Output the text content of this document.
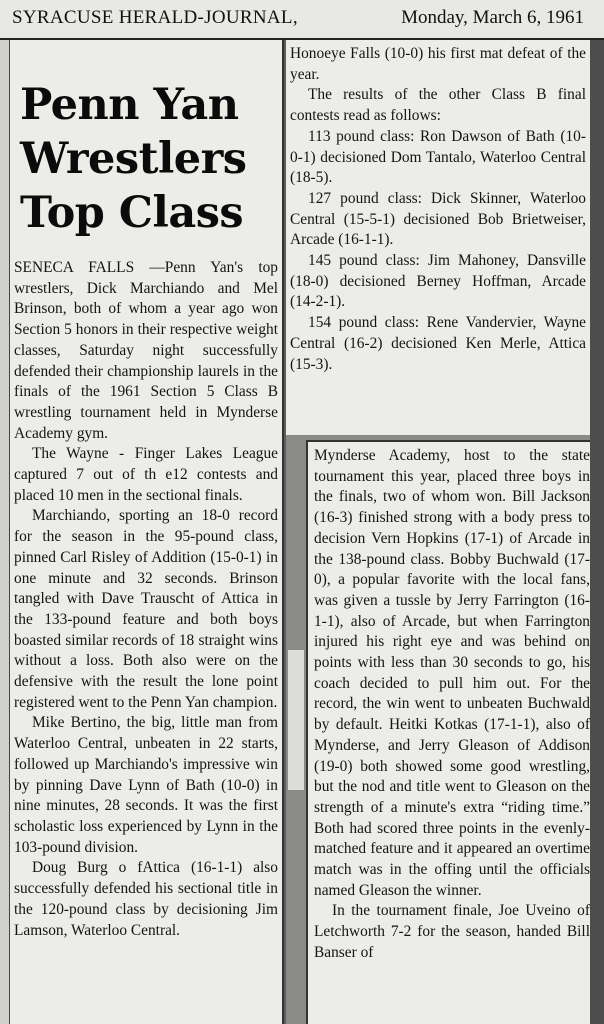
SYRACUSE HERALD-JOURNAL,	Monday, March 6, 1961
Penn Yan
Wrestlers
Top Class

SENECA FALLS —Penn Yan's top wrestlers, Dick Marchiando and Mel Brinson, both of whom a year ago won Section 5 honors in their respective weight classes, Saturday night successfully defended their championship laurels in the finals of the 1961 Section 5 Class B wrestling tournament held in Mynderse Academy gym.

The Wayne - Finger Lakes League captured 7 out of th e12 contests and placed 10 men in the sectional finals.

Marchiando, sporting an 18-0 record for the season in the 95-pound class, pinned Carl Risley of Addition (15-0-1) in one minute and 32 seconds. Brinson tangled with Dave Trauscht of Attica in the 133-pound feature and both boys boasted similar records of 18 straight wins without a loss. Both also were on the defensive with the result the lone point registered went to the Penn Yan champion.

Mike Bertino, the big, little man from Waterloo Central, unbeaten in 22 starts, followed up Marchiando's impressive win by pinning Dave Lynn of Bath (10-0) in nine minutes, 28 seconds. It was the first scholastic loss experienced by Lynn in the 103-pound division.

Doug Burg o fAttica (16-1-1) also successfully defended his sectional title in the 120-pound class by decisioning Jim Lamson, Waterloo Central.

Honoeye Falls (10-0) his first mat defeat of the year.

The results of the other Class B final contests read as follows:

113 pound class: Ron Dawson of Bath (10-0-1) decisioned Dom Tantalo, Waterloo Central (18-5).

127 pound class: Dick Skinner, Waterloo Central (15-5-1) decisioned Bob Brietweiser, Arcade (16-1-1).

145 pound class: Jim Mahoney, Dansville (18-0) decisioned Berney Hoffman, Arcade (14-2-1).

154 pound class: Rene Vandervier, Wayne Central (16-2) decisioned Ken Merle, Attica (15-3).

Mynderse Academy, host to the state tournament this year, placed three boys in the finals, two of whom won. Bill Jackson (16-3) finished strong with a body press to decision Vern Hopkins (17-1) of Arcade in the 138-pound class. Bobby Buchwald (17-0), a popular favorite with the local fans, was given a tussle by Jerry Farrington (16-1-1), also of Arcade, but when Farrington injured his right eye and was behind on points with less than 30 seconds to go, his coach decided to pull him out. For the record, the win went to unbeaten Buchwald by default. Heitki Kotkas (17-1-1), also of Mynderse, and Jerry Gleason of Addison (19-0) both showed some good wrestling, but the nod and title went to Gleason on the strength of a minute's extra “riding time.” Both had scored three points in the evenly-matched feature and it appeared an overtime match was in the offing until the officials named Gleason the winner.

In the tournament finale, Joe Uveino of Letchworth 7-2 for the season, handed Bill Banser of
